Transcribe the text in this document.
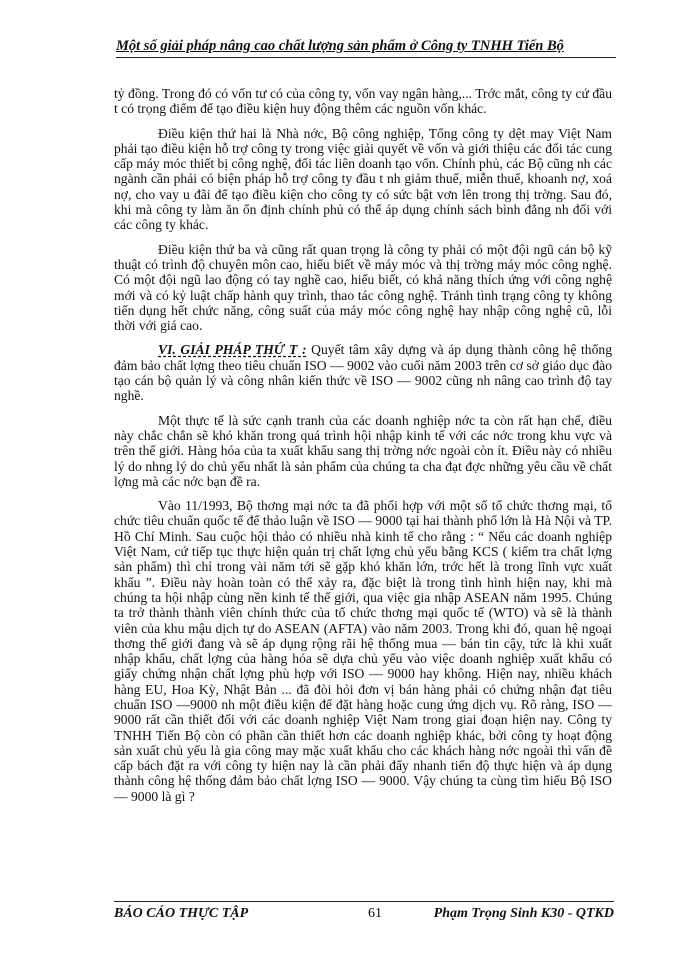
Một số giải pháp nâng cao chất lượng sản phẩm ở Công ty TNHH Tiến Bộ

tỷ đồng. Trong đó có vốn tư có của công ty, vốn vay ngân hàng,... Trớc mắt, công ty cứ đầu t có trọng điểm để tạo điều kiện huy động thêm các nguồn vốn khác.

Điều kiện thứ hai là Nhà nớc, Bộ công nghiệp, Tổng công ty dệt may Việt Nam phải tạo điều kiện hỗ trợ công ty trong việc giải quyết về vốn và giới thiệu các đối tác cung cấp máy móc thiết bị công nghệ, đối tác liên doanh tạo vốn. Chính phủ, các Bộ cũng nh các ngành cần phải có biện pháp hỗ trợ công ty đầu t nh giảm thuế, miễn thuế, khoanh nợ, xoá nợ, cho vay u đãi để tạo điều kiện cho công ty có sức bật vơn lên trong thị trờng. Sau đó, khi mà công ty làm ăn ổn định chính phủ có thể áp dụng chính sách bình đẳng nh đối với các công ty khác.

Điều kiện thứ ba và cũng rất quan trọng là công ty phải có một đội ngũ cán bộ kỹ thuật có trình độ chuyên môn cao, hiểu biết về máy móc và thị trờng máy móc công nghệ. Có một đội ngũ lao động có tay nghề cao, hiểu biết, có khả năng thích ứng với công nghệ mới và có kỷ luật chấp hành quy trình, thao tác công nghệ. Tránh tình trạng công ty không tiến dụng hết chức năng, công suất của máy móc công nghệ hay nhập công nghệ cũ, lỗi thời với giá cao.

VI. GIẢI PHÁP THỨ T : Quyết tâm xây dựng và áp dụng thành công hệ thống đảm bảo chất lợng theo tiêu chuẩn ISO — 9002 vào cuối năm 2003 trên cơ sở giáo dục đào tạo cán bộ quản lý và công nhân kiến thức về ISO — 9002 cũng nh nâng cao trình độ tay nghề.

Một thực tế là sức cạnh tranh của các doanh nghiệp nớc ta còn rất hạn chế, điều này chắc chắn sẽ khó khăn trong quá trình hội nhập kinh tế với các nớc trong khu vực và trên thế giới. Hàng hóa của ta xuất khẩu sang thị trờng nớc ngoài còn ít. Điều này có nhiều lý do nhng lý do chủ yếu nhất là sản phẩm của chúng ta cha đạt đợc những yêu cầu về chất lợng mà các nớc bạn đề ra.

Vào 11/1993, Bộ thơng mại nớc ta đã phối hợp với một số tổ chức thơng mại, tổ chức tiêu chuẩn quốc tế để thảo luận về ISO — 9000 tại hai thành phố lớn là Hà Nội và TP. Hồ Chí Minh. Sau cuộc hội thảo có nhiều nhà kinh tế cho rằng : “ Nếu các doanh nghiệp Việt Nam, cứ tiếp tục thực hiện quản trị chất lợng chủ yếu bằng KCS ( kiểm tra chất lợng sản phẩm) thì chỉ trong vài năm tới sẽ gặp khó khăn lớn, trớc hết là trong lĩnh vực xuất khẩu ”. Điều này hoàn toàn có thể xảy ra, đặc biệt là trong tình hình hiện nay, khi mà chúng ta hội nhập cùng nền kinh tế thế giới, qua việc gia nhập ASEAN năm 1995. Chúng ta trở thành thành viên chính thức của tổ chức thơng mại quốc tế (WTO) và sẽ là thành viên của khu mậu dịch tự do ASEAN (AFTA) vào năm 2003. Trong khi đó, quan hệ ngoại thơng thế giới đang và sẽ áp dụng rộng rãi hệ thống mua — bán tin cậy, tức là khi xuất nhập khẩu, chất lợng của hàng hóa sẽ dựa chủ yếu vào việc doanh nghiệp xuất khẩu có giấy chứng nhận chất lợng phù hợp với ISO — 9000 hay không. Hiện nay, nhiều khách hàng EU, Hoa Kỳ, Nhật Bản ... đã đòi hỏi đơn vị bán hàng phải có chứng nhận đạt tiêu chuẩn ISO —9000 nh một điều kiện để đặt hàng hoặc cung ứng dịch vụ. Rõ ràng, ISO — 9000 rất cần thiết đối với các doanh nghiệp Việt Nam trong giai đoạn hiện nay. Công ty TNHH Tiến Bộ còn có phần cần thiết hơn các doanh nghiệp khác, bởi công ty hoạt động sản xuất chủ yếu là gia công may mặc xuất khẩu cho các khách hàng nớc ngoài thì vấn đề cấp bách đặt ra với công ty hiện nay là cần phải đẩy nhanh tiến độ thực hiện và áp dụng thành công hệ thống đảm bảo chất lợng ISO — 9000. Vậy chúng ta cùng tìm hiểu Bộ ISO — 9000 là gì ?

BÁO CÁO THỰC TẬP	61	Phạm Trọng Sinh K30 - QTKD
